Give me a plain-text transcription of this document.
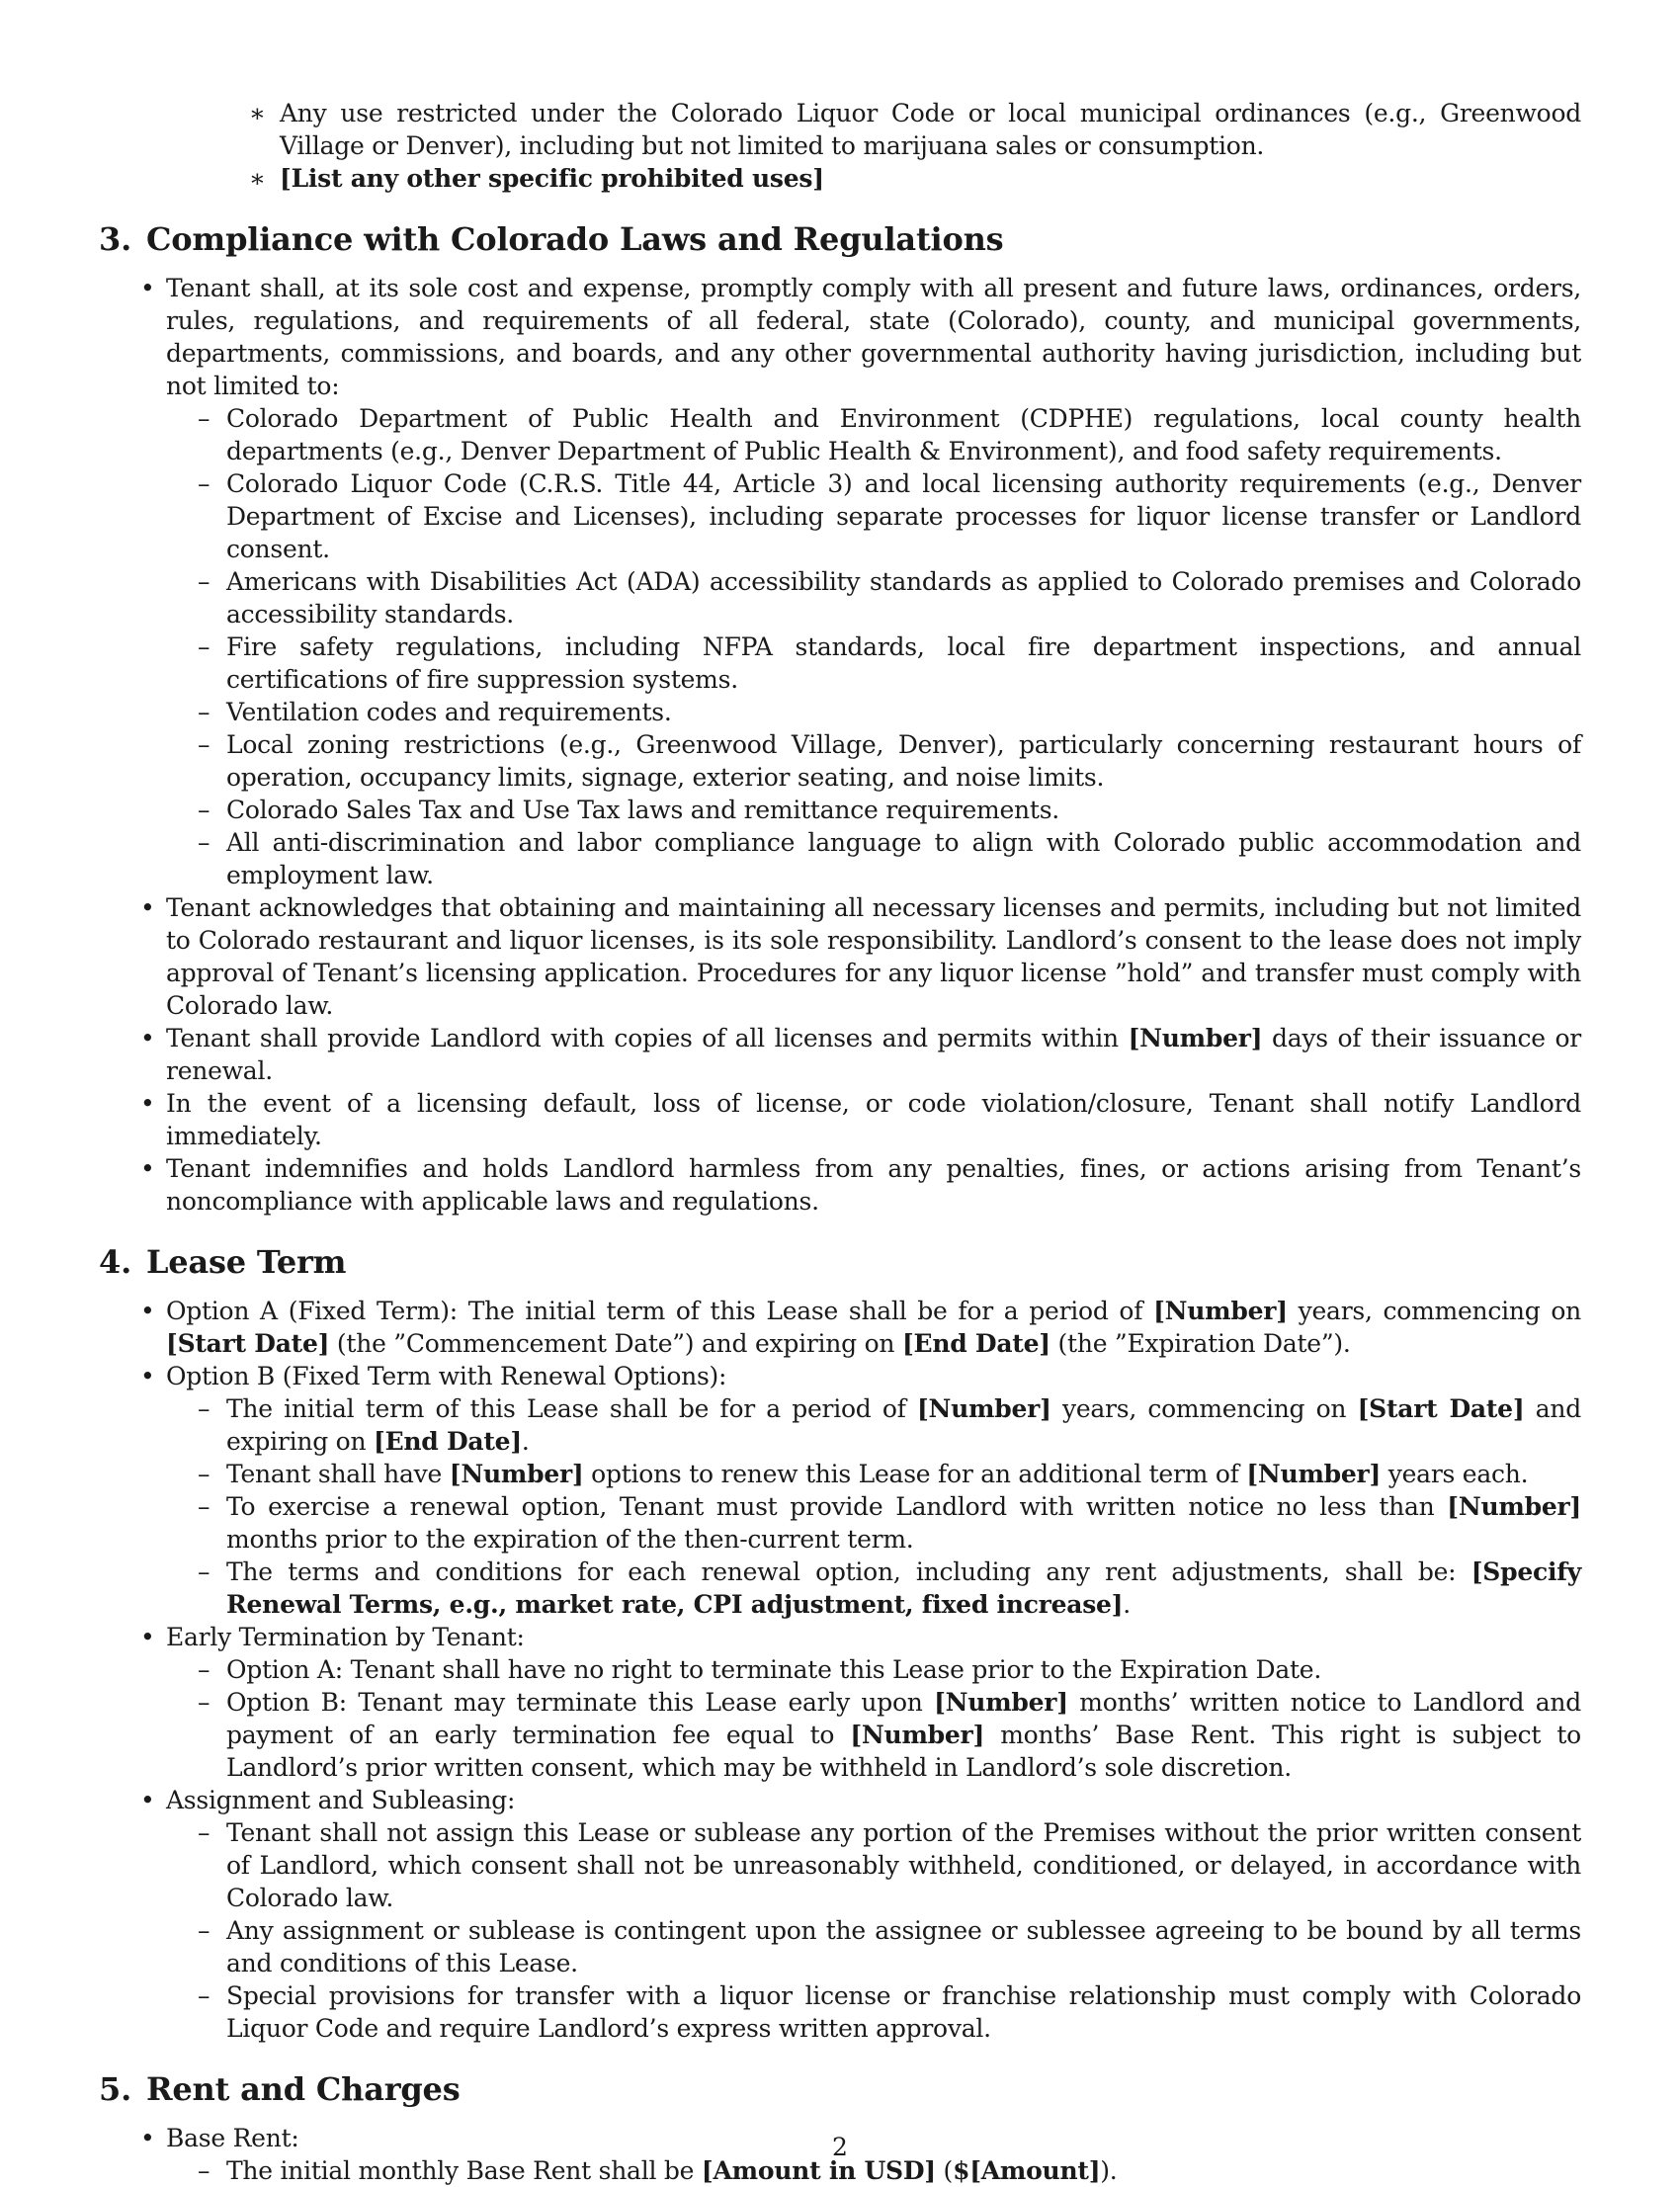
∗ Any use restricted under the Colorado Liquor Code or local municipal ordinances (e.g., Greenwood Village or Denver), including but not limited to marijuana sales or consumption.
∗ [List any other specific prohibited uses]
3. Compliance with Colorado Laws and Regulations
• Tenant shall, at its sole cost and expense, promptly comply with all present and future laws, ordinances, orders, rules, regulations, and requirements of all federal, state (Colorado), county, and municipal governments, departments, commissions, and boards, and any other governmental authority having jurisdiction, including but not limited to:
– Colorado Department of Public Health and Environment (CDPHE) regulations, local county health departments (e.g., Denver Department of Public Health & Environment), and food safety requirements.
– Colorado Liquor Code (C.R.S. Title 44, Article 3) and local licensing authority requirements (e.g., Denver Department of Excise and Licenses), including separate processes for liquor license transfer or Landlord consent.
– Americans with Disabilities Act (ADA) accessibility standards as applied to Colorado premises and Colorado accessibility standards.
– Fire safety regulations, including NFPA standards, local fire department inspections, and annual certifications of fire suppression systems.
– Ventilation codes and requirements.
– Local zoning restrictions (e.g., Greenwood Village, Denver), particularly concerning restaurant hours of operation, occupancy limits, signage, exterior seating, and noise limits.
– Colorado Sales Tax and Use Tax laws and remittance requirements.
– All anti-discrimination and labor compliance language to align with Colorado public accommodation and employment law.
• Tenant acknowledges that obtaining and maintaining all necessary licenses and permits, including but not limited to Colorado restaurant and liquor licenses, is its sole responsibility. Landlord’s consent to the lease does not imply approval of Tenant’s licensing application. Procedures for any liquor license ”hold” and transfer must comply with Colorado law.
• Tenant shall provide Landlord with copies of all licenses and permits within [Number] days of their issuance or renewal.
• In the event of a licensing default, loss of license, or code violation/closure, Tenant shall notify Landlord immediately.
• Tenant indemnifies and holds Landlord harmless from any penalties, fines, or actions arising from Tenant’s noncompliance with applicable laws and regulations.
4. Lease Term
• Option A (Fixed Term): The initial term of this Lease shall be for a period of [Number] years, commencing on [Start Date] (the ”Commencement Date”) and expiring on [End Date] (the ”Expiration Date”).
• Option B (Fixed Term with Renewal Options):
– The initial term of this Lease shall be for a period of [Number] years, commencing on [Start Date] and expiring on [End Date].
– Tenant shall have [Number] options to renew this Lease for an additional term of [Number] years each.
– To exercise a renewal option, Tenant must provide Landlord with written notice no less than [Number] months prior to the expiration of the then-current term.
– The terms and conditions for each renewal option, including any rent adjustments, shall be: [Specify Renewal Terms, e.g., market rate, CPI adjustment, fixed increase].
• Early Termination by Tenant:
– Option A: Tenant shall have no right to terminate this Lease prior to the Expiration Date.
– Option B: Tenant may terminate this Lease early upon [Number] months’ written notice to Landlord and payment of an early termination fee equal to [Number] months’ Base Rent. This right is subject to Landlord’s prior written consent, which may be withheld in Landlord’s sole discretion.
• Assignment and Subleasing:
– Tenant shall not assign this Lease or sublease any portion of the Premises without the prior written consent of Landlord, which consent shall not be unreasonably withheld, conditioned, or delayed, in accordance with Colorado law.
– Any assignment or sublease is contingent upon the assignee or sublessee agreeing to be bound by all terms and conditions of this Lease.
– Special provisions for transfer with a liquor license or franchise relationship must comply with Colorado Liquor Code and require Landlord’s express written approval.
5. Rent and Charges
• Base Rent:
– The initial monthly Base Rent shall be [Amount in USD] ($[Amount]).
2
